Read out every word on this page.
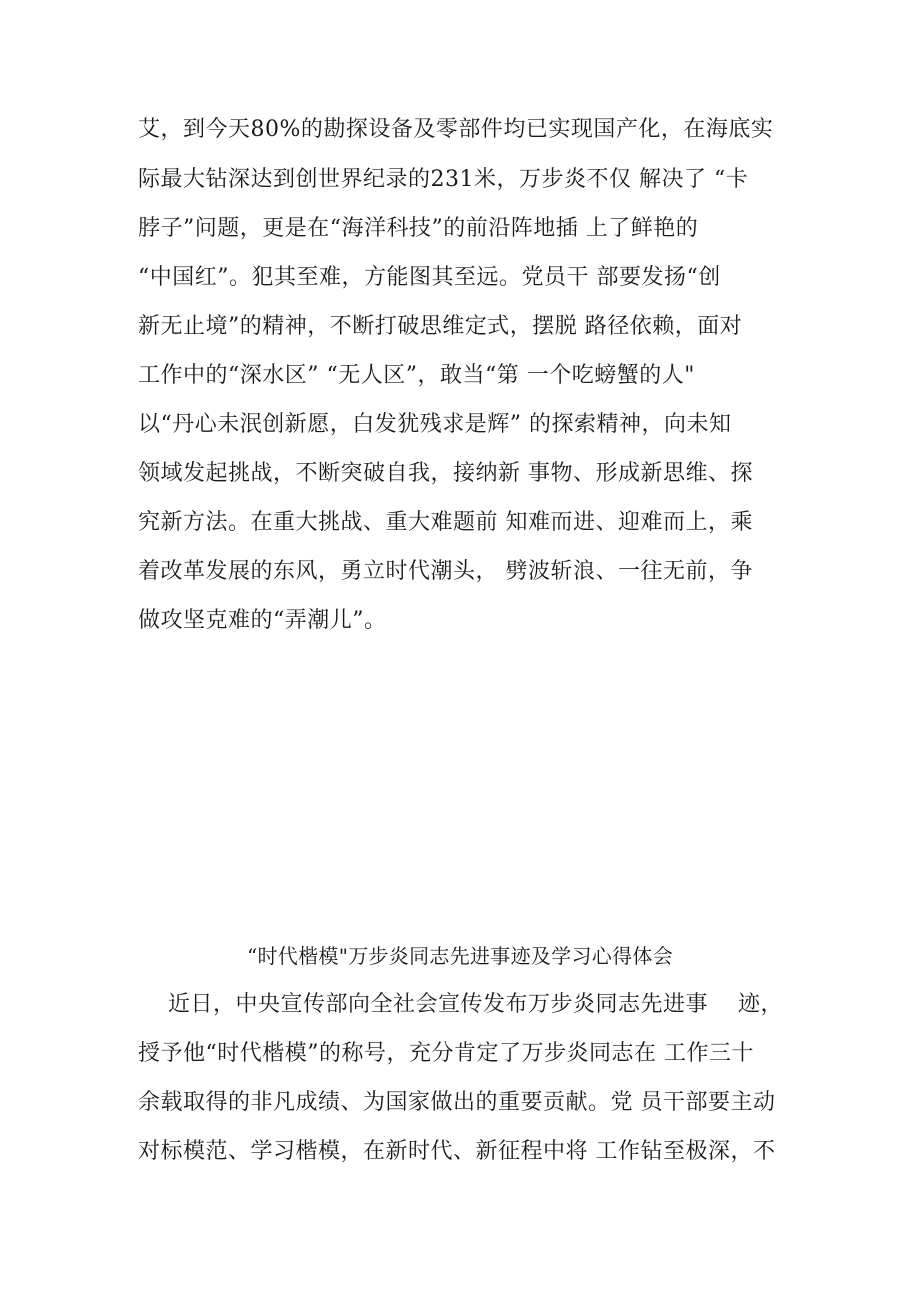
艾，到今天80%的勘探设备及零部件均已实现国产化，在海底实
际最大钻深达到创世界纪录的231米，万步炎不仅 解决了 “卡
脖子”问题，更是在“海洋科技”的前沿阵地插 上了鲜艳的
“中国红”。犯其至难，方能图其至远。党员干 部要发扬“创
新无止境”的精神，不断打破思维定式，摆脱 路径依赖，面对
工作中的“深水区” “无人区”，敢当“第 一个吃螃蟹的人"
以“丹心未泯创新愿，白发犹残求是辉” 的探索精神，向未知
领域发起挑战，不断突破自我，接纳新 事物、形成新思维、探
究新方法。在重大挑战、重大难题前 知难而进、迎难而上，乘
着改革发展的东风，勇立时代潮头， 劈波斩浪、一往无前，争
做攻坚克难的“弄潮儿”。
“时代楷模"万步炎同志先进事迹及学习心得体会
近日，中央宣传部向全社会宣传发布万步炎同志先进事    迹，
授予他“时代楷模”的称号，充分肯定了万步炎同志在 工作三十
余载取得的非凡成绩、为国家做出的重要贡献。党 员干部要主动
对标模范、学习楷模，在新时代、新征程中将 工作钻至极深，不
